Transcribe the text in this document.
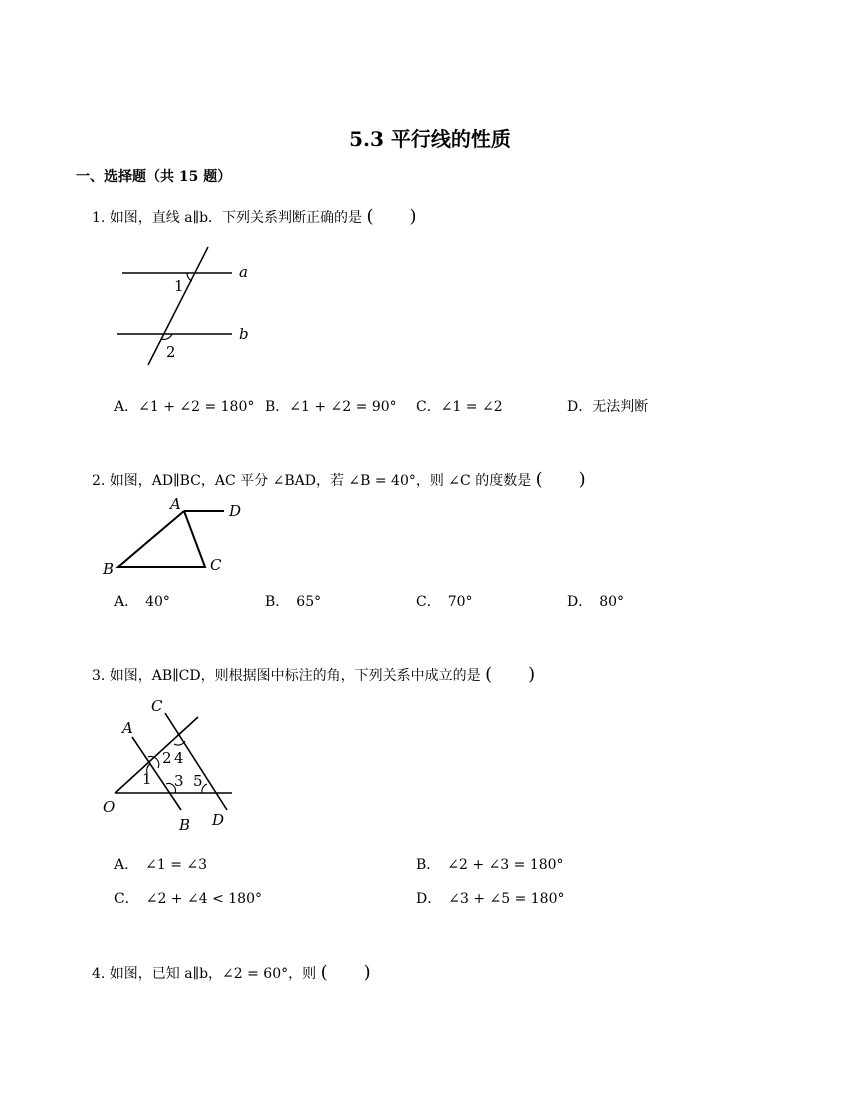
5.3 平行线的性质
一、选择题（共 15 题）
1. 如图，直线 a∥b．下列关系判断正确的是 (　　)
a
b
1
2
A．∠1 + ∠2 = 180° B．∠1 + ∠2 = 90° C．∠1 = ∠2	D．无法判断
2. 如图，AD∥BC，AC 平分 ∠BAD，若 ∠B = 40°，则 ∠C 的度数是 (　　)
A
B	C
D
A．　40°	B．　65°	C．　70°	D．　80°
3. 如图，AB∥CD，则根据图中标注的角，下列关系中成立的是 (　　)
C
A
O
B D
1
2 4
3 5
A．　∠1 = ∠3	B．　∠2 + ∠3 = 180°
C．　∠2 + ∠4 < 180°	D．　∠3 + ∠5 = 180°
4. 如图，已知 a∥b，∠2 = 60°，则 (　　)
